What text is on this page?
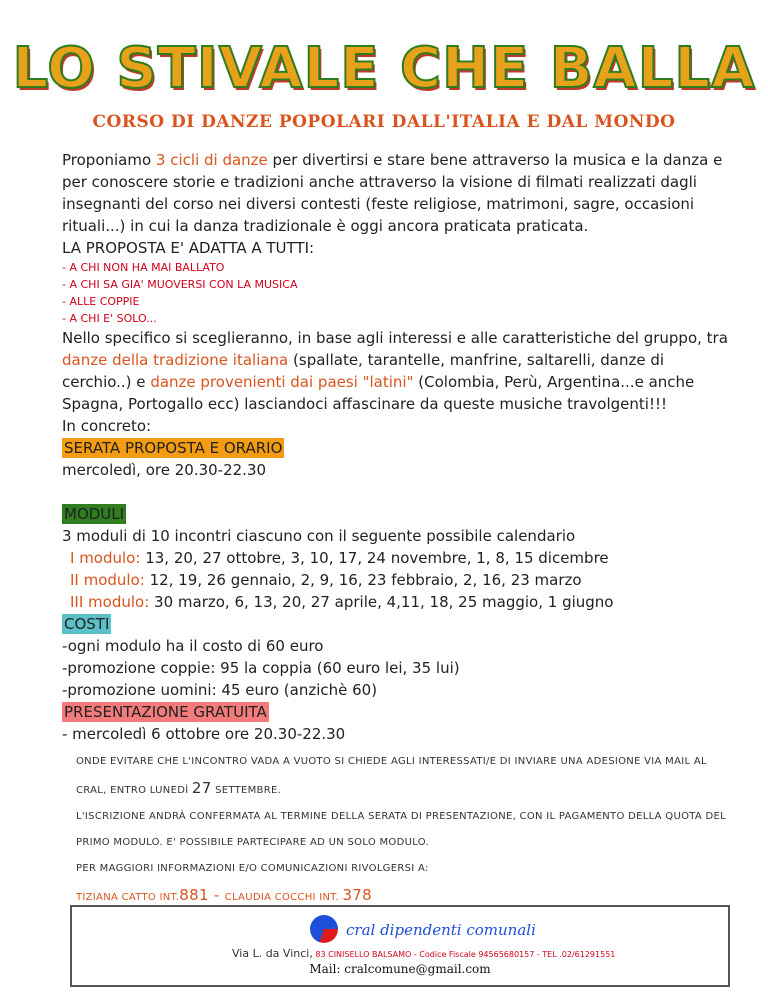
LO STIVALE CHE BALLA
CORSO DI DANZE POPOLARI DALL'ITALIA E DAL MONDO

Proponiamo 3 cicli di danze per divertirsi e stare bene attraverso la musica e la danza e per conoscere storie e tradizioni anche attraverso la visione di filmati realizzati dagli insegnanti del corso nei diversi contesti (feste religiose, matrimoni, sagre, occasioni rituali...) in cui la danza tradizionale è oggi ancora praticata praticata.

LA PROPOSTA E' ADATTA A TUTTI:

- A CHI NON HA MAI BALLATO

- A CHI SA GIA' MUOVERSI CON LA MUSICA

- ALLE COPPIE

- A CHI E' SOLO...

Nello specifico si sceglieranno, in base agli interessi e alle caratteristiche del gruppo, tra danze della tradizione italiana (spallate, tarantelle, manfrine, saltarelli, danze di cerchio..) e danze provenienti dai paesi "latini" (Colombia, Perù, Argentina...e anche Spagna, Portogallo ecc) lasciandoci affascinare da queste musiche travolgenti!!!

In concreto:

SERATA PROPOSTA E ORARIO

mercoledì, ore 20.30-22.30

MODULI

3 moduli di 10 incontri ciascuno con il seguente possibile calendario

I modulo: 13, 20, 27 ottobre, 3, 10, 17, 24 novembre, 1, 8, 15 dicembre

II modulo: 12, 19, 26 gennaio, 2, 9, 16, 23 febbraio, 2, 16, 23 marzo

III modulo: 30 marzo, 6, 13, 20, 27 aprile, 4,11, 18, 25 maggio, 1 giugno

COSTI

-ogni modulo ha il costo di 60 euro

-promozione coppie: 95 la coppia (60 euro lei, 35 lui)

-promozione uomini: 45 euro (anzichè 60)

PRESENTAZIONE GRATUITA

- mercoledì 6 ottobre ore 20.30-22.30

ONDE EVITARE CHE L'INCONTRO VADA A VUOTO SI CHIEDE AGLI INTERESSATI/E DI INVIARE UNA ADESIONE VIA MAIL AL CRAL, ENTRO LUNEDÌ 27 SETTEMBRE.

L'ISCRIZIONE ANDRÀ CONFERMATA AL TERMINE DELLA SERATA DI PRESENTAZIONE, CON IL PAGAMENTO DELLA QUOTA DEL PRIMO MODULO. E' POSSIBILE PARTECIPARE AD UN SOLO MODULO.

PER MAGGIORI INFORMAZIONI E/O COMUNICAZIONI RIVOLGERSI A:

TIZIANA CATTO INT.881 - CLAUDIA COCCHI INT. 378

cral dipendenti comunali
Via L. da Vinci, 83 CINISELLO BALSAMO - Codice Fiscale 94565680157 - TEL .02/61291551
Mail: cralcomune@gmail.com
